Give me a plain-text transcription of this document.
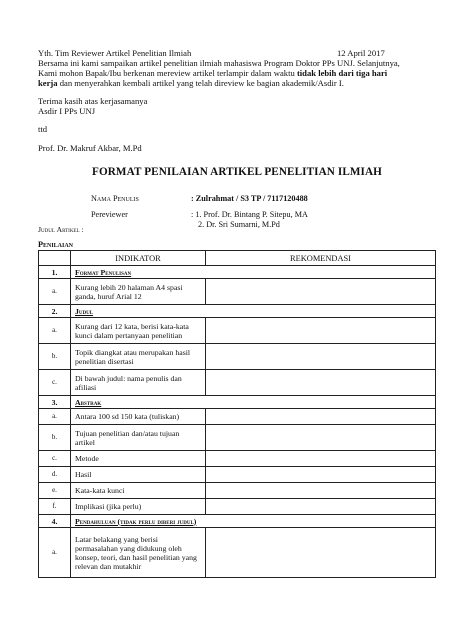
Yth. Tim Reviewer Artikel Penelitian Ilmiah	12 April 2017
Bersama ini kami sampaikan artikel penelitian ilmiah mahasiswa Program Doktor PPs UNJ. Selanjutnya,
Kami mohon Bapak/Ibu berkenan mereview artikel terlampir dalam waktu tidak lebih dari tiga hari
kerja dan menyerahkan kembali artikel yang telah direview ke bagian akademik/Asdir I.
Terima kasih atas kerjasamanya
Asdir I PPs UNJ
ttd
Prof. Dr. Makruf Akbar, M.Pd
FORMAT PENILAIAN ARTIKEL PENELITIAN ILMIAH
Nama Penulis	: Zulrahmat / S3 TP / 7117120488
Pereviewer	: 1. Prof. Dr. Bintang P. Sitepu, MA
2. Dr. Sri Sumarni, M.Pd
Judul Artikel :
Penilaian
	INDIKATOR	REKOMENDASI
1.	Format Penulisan	
a.	Kurang lebih 20 halaman A4 spasi
ganda, huruf Arial 12	

2.	Judul	
a.	Kurang dari 12 kata, berisi kata-kata
kunci dalam pertanyaan penelitian	

b.	Topik diangkat atau merupakan hasil
penelitian disertasi	

c.	Di bawah judul: nama penulis dan
afiliasi	

3.	Abstrak	
a.	Antara 100 sd 150 kata (tuliskan)	

b.	Tujuan penelitian dan/atau tujuan
artikel	

c.	Metode	

d.	Hasil	

e.	Kata-kata kunci	

f.	Implikasi (jika perlu)	

4.	Pendahuluan (tidak perlu diberi judul)	
a.	Latar belakang yang berisi
permasalahan yang didukung oleh
konsep, teori, dan hasil penelitian yang
relevan dan mutakhir	
